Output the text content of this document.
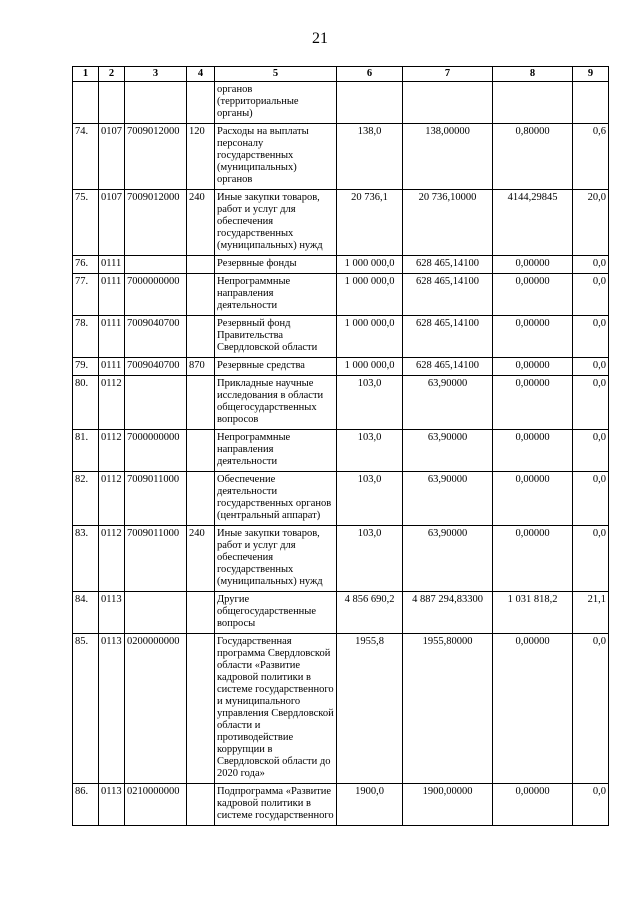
21
1	2	3	4	5	6	7	8	9
				органов (территориальные органы)				
74.	0107	7009012000	120	Расходы на выплаты персоналу государственных (муниципальных) органов	138,0	138,00000	0,80000	0,6
75.	0107	7009012000	240	Иные закупки товаров, работ и услуг для обеспечения государственных (муниципальных) нужд	20 736,1	20 736,10000	4144,29845	20,0
76.	0111			Резервные фонды	1 000 000,0	628 465,14100	0,00000	0,0
77.	0111	7000000000		Непрограммные направления деятельности	1 000 000,0	628 465,14100	0,00000	0,0
78.	0111	7009040700		Резервный фонд Правительства Свердловской области	1 000 000,0	628 465,14100	0,00000	0,0
79.	0111	7009040700	870	Резервные средства	1 000 000,0	628 465,14100	0,00000	0,0
80.	0112			Прикладные научные исследования в области общегосударственных вопросов	103,0	63,90000	0,00000	0,0
81.	0112	7000000000		Непрограммные направления деятельности	103,0	63,90000	0,00000	0,0
82.	0112	7009011000		Обеспечение деятельности государственных органов (центральный аппарат)	103,0	63,90000	0,00000	0,0
83.	0112	7009011000	240	Иные закупки товаров, работ и услуг для обеспечения государственных (муниципальных) нужд	103,0	63,90000	0,00000	0,0
84.	0113			Другие общегосударственные вопросы	4 856 690,2	4 887 294,83300	1 031 818,2	21,1
85.	0113	0200000000		Государственная программа Свердловской области «Развитие кадровой политики в системе государственного и муниципального управления Свердловской области и противодействие коррупции в Свердловской области до 2020 года»	1955,8	1955,80000	0,00000	0,0
86.	0113	0210000000		Подпрограмма «Развитие кадровой политики в системе государственного	1900,0	1900,00000	0,00000	0,0
